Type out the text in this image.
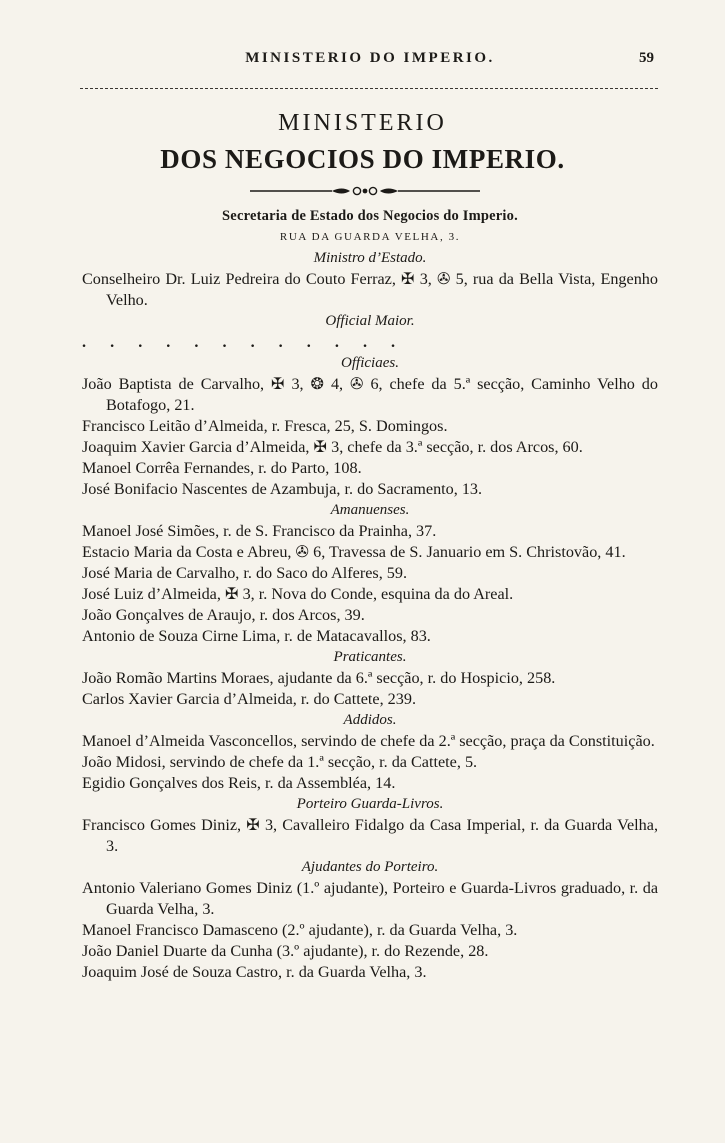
MINISTERIO DO IMPERIO.	59
MINISTERIO
DOS NEGOCIOS DO IMPERIO.
Secretaria de Estado dos Negocios do Imperio.
RUA DA GUARDA VELHA, 3.
Ministro d’Estado.
Conselheiro Dr. Luiz Pedreira do Couto Ferraz, ✠ 3, ✇ 5, rua da Bella Vista, Engenho Velho.
Official Maior.
. . . . . . . . . . . .
Officiaes.
João Baptista de Carvalho, ✠ 3, ❂ 4, ✇ 6, chefe da 5.ª secção, Caminho Velho do Botafogo, 21.
Francisco Leitão d’Almeida, r. Fresca, 25, S. Domingos.
Joaquim Xavier Garcia d’Almeida, ✠ 3, chefe da 3.ª secção, r. dos Arcos, 60.
Manoel Corrêa Fernandes, r. do Parto, 108.
José Bonifacio Nascentes de Azambuja, r. do Sacramento, 13.
Amanuenses.
Manoel José Simões, r. de S. Francisco da Prainha, 37.
Estacio Maria da Costa e Abreu, ✇ 6, Travessa de S. Januario em S. Christovão, 41.
José Maria de Carvalho, r. do Saco do Alferes, 59.
José Luiz d’Almeida, ✠ 3, r. Nova do Conde, esquina da do Areal.
João Gonçalves de Araujo, r. dos Arcos, 39.
Antonio de Souza Cirne Lima, r. de Matacavallos, 83.
Praticantes.
João Romão Martins Moraes, ajudante da 6.ª secção, r. do Hospicio, 258.
Carlos Xavier Garcia d’Almeida, r. do Cattete, 239.
Addidos.
Manoel d’Almeida Vasconcellos, servindo de chefe da 2.ª secção, praça da Constituição.
João Midosi, servindo de chefe da 1.ª secção, r. da Cattete, 5.
Egidio Gonçalves dos Reis, r. da Assembléa, 14.
Porteiro Guarda-Livros.
Francisco Gomes Diniz, ✠ 3, Cavalleiro Fidalgo da Casa Imperial, r. da Guarda Velha, 3.
Ajudantes do Porteiro.
Antonio Valeriano Gomes Diniz (1.º ajudante), Porteiro e Guarda-Livros graduado, r. da Guarda Velha, 3.
Manoel Francisco Damasceno (2.º ajudante), r. da Guarda Velha, 3.
João Daniel Duarte da Cunha (3.º ajudante), r. do Rezende, 28.
Joaquim José de Souza Castro, r. da Guarda Velha, 3.
